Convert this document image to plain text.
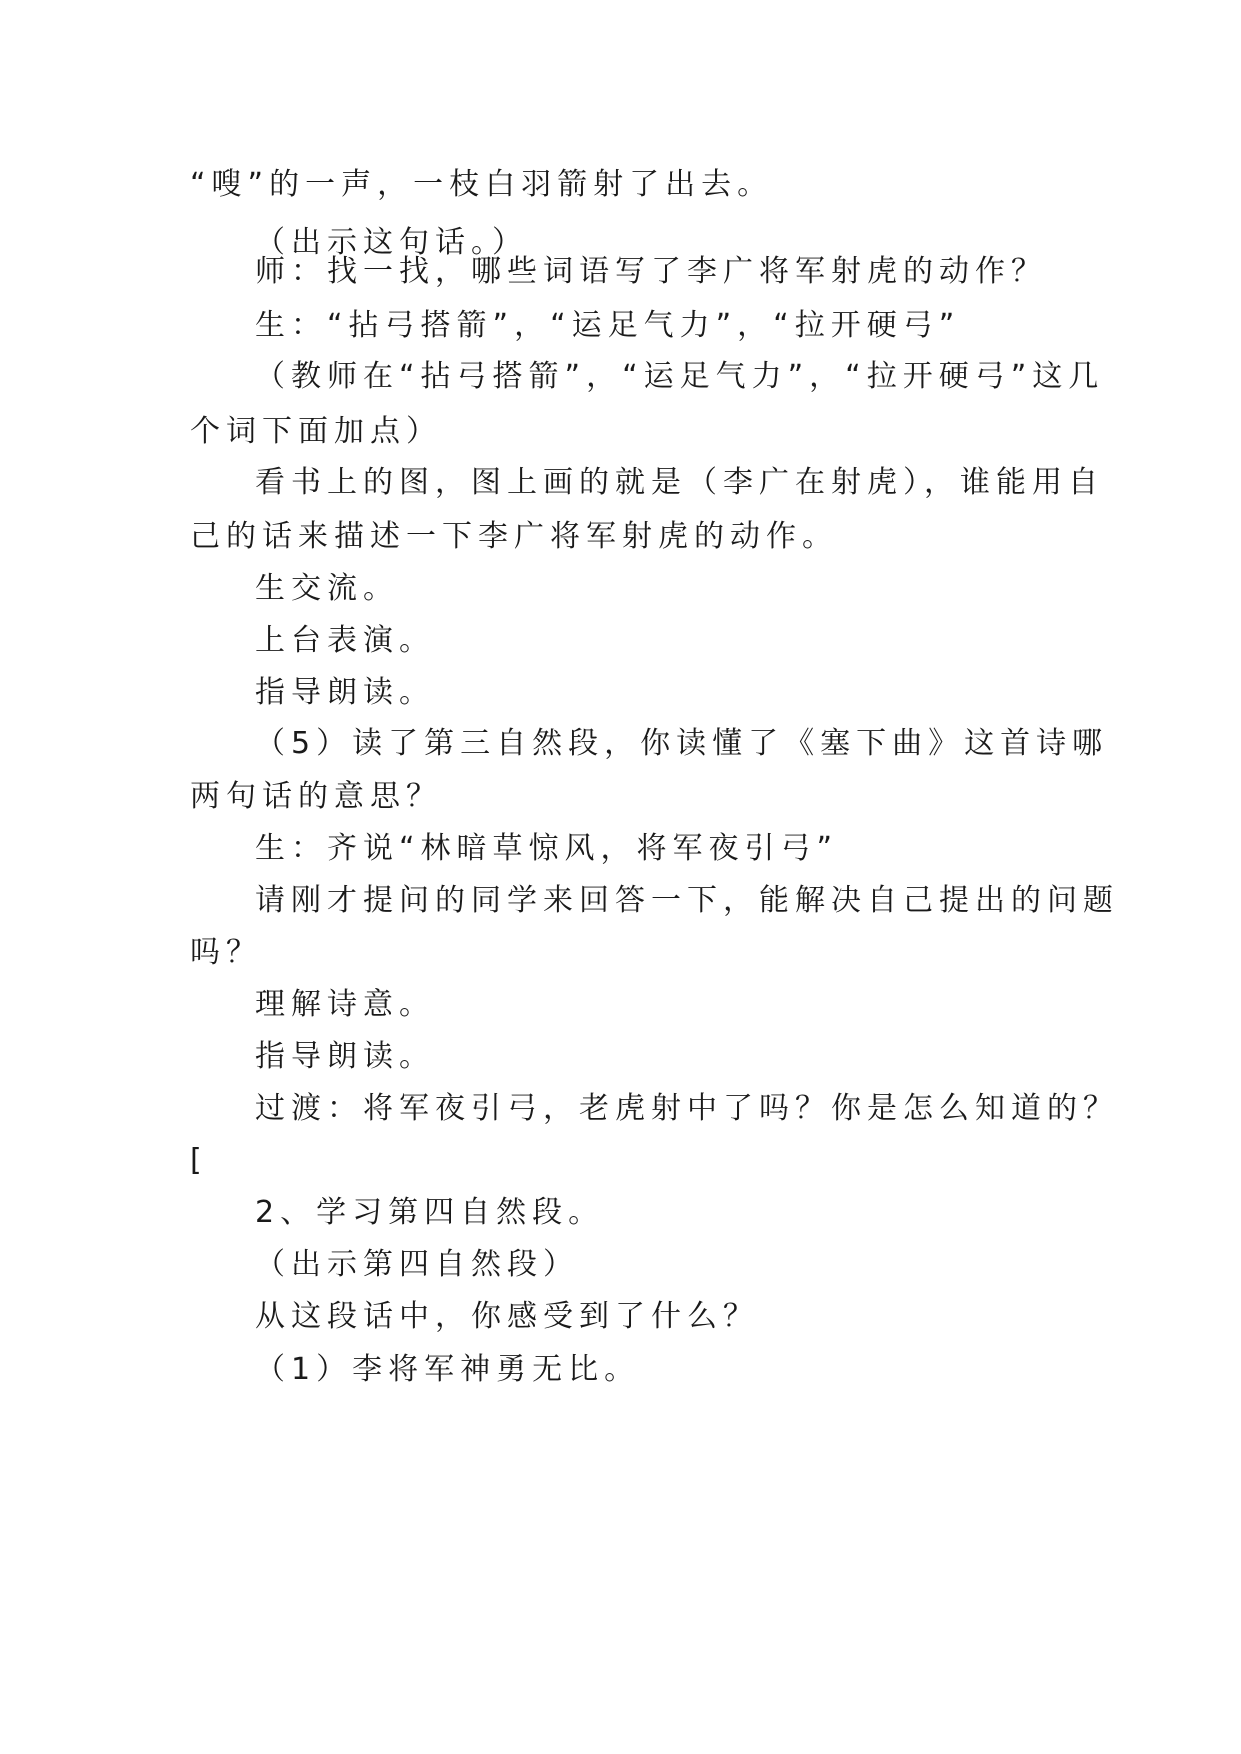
“嗖”的一声，一枝白羽箭射了出去。
（出示这句话。）
师：找一找，哪些词语写了李广将军射虎的动作？
生：“拈弓搭箭”，“运足气力”，“拉开硬弓”
（教师在“拈弓搭箭”，“运足气力”，“拉开硬弓”这几
个词下面加点）
看书上的图，图上画的就是（李广在射虎），谁能用自
己的话来描述一下李广将军射虎的动作。
生交流。
上台表演。
指导朗读。
（5）读了第三自然段，你读懂了《塞下曲》这首诗哪
两句话的意思？
生：齐说“林暗草惊风，将军夜引弓”
请刚才提问的同学来回答一下，能解决自己提出的问题
吗？
理解诗意。
指导朗读。
过渡：将军夜引弓，老虎射中了吗？你是怎么知道的？
[
2、学习第四自然段。
（出示第四自然段）
从这段话中，你感受到了什么？
（1）李将军神勇无比。
